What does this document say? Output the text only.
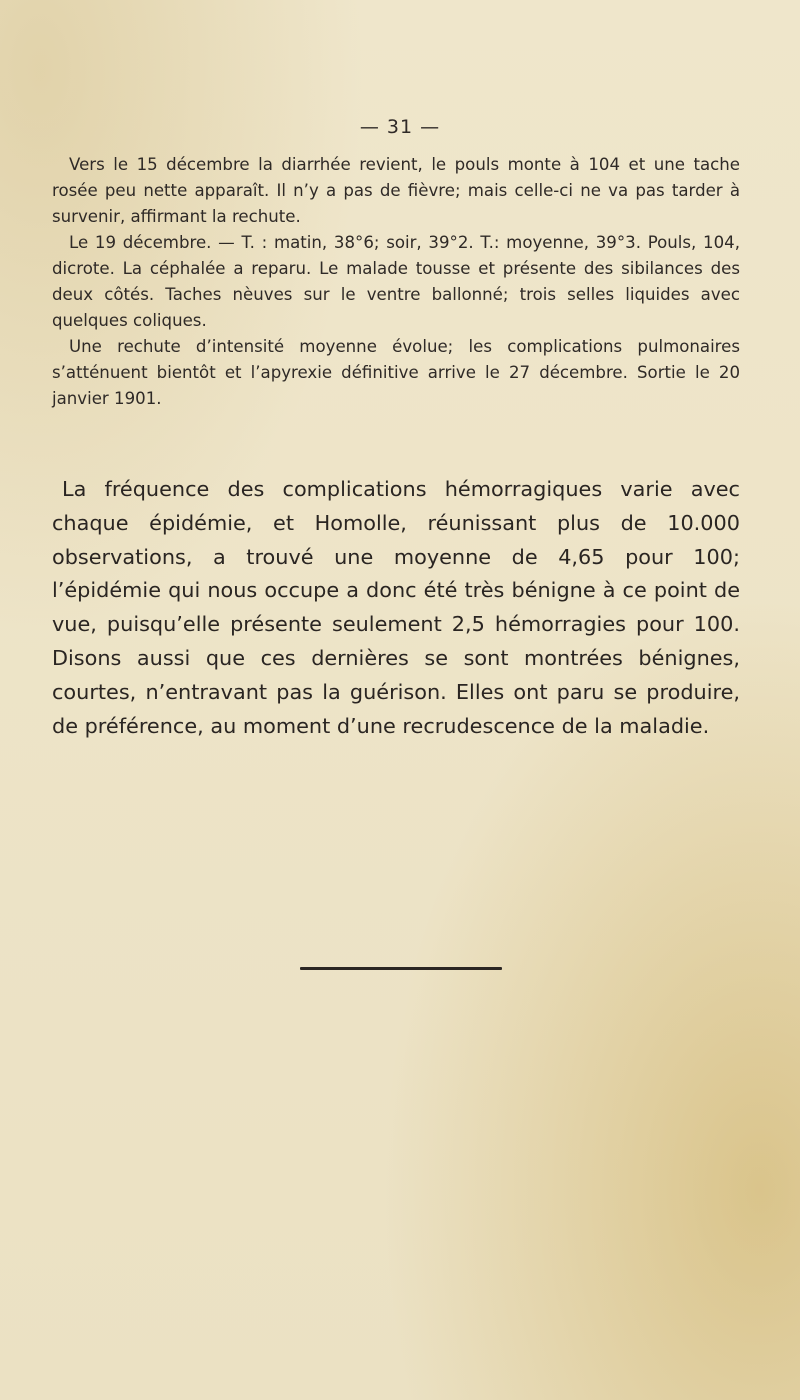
— 31 —

Vers le 15 décembre la diarrhée revient, le pouls monte à 104 et une tache rosée peu nette apparaît. Il n’y a pas de fièvre; mais celle-ci ne va pas tarder à survenir, affirmant la rechute.

Le 19 décembre. — T. : matin, 38°6; soir, 39°2. T.: moyenne, 39°3. Pouls, 104, dicrote. La céphalée a reparu. Le malade tousse et présente des sibilances des deux côtés. Taches nèuves sur le ventre ballonné; trois selles liquides avec quelques coliques.

Une rechute d’intensité moyenne évolue; les complications pulmonaires s’atténuent bientôt et l’apyrexie définitive arrive le 27 décembre. Sortie le 20 janvier 1901.

La fréquence des complications hémorragiques varie avec chaque épidémie, et Homolle, réunissant plus de 10.000 observations, a trouvé une moyenne de 4,65 pour 100; l’épidémie qui nous occupe a donc été très bénigne à ce point de vue, puisqu’elle présente seulement 2,5 hémorragies pour 100. Disons aussi que ces dernières se sont montrées bénignes, courtes, n’entravant pas la guérison. Elles ont paru se produire, de préférence, au moment d’une recrudescence de la maladie.
